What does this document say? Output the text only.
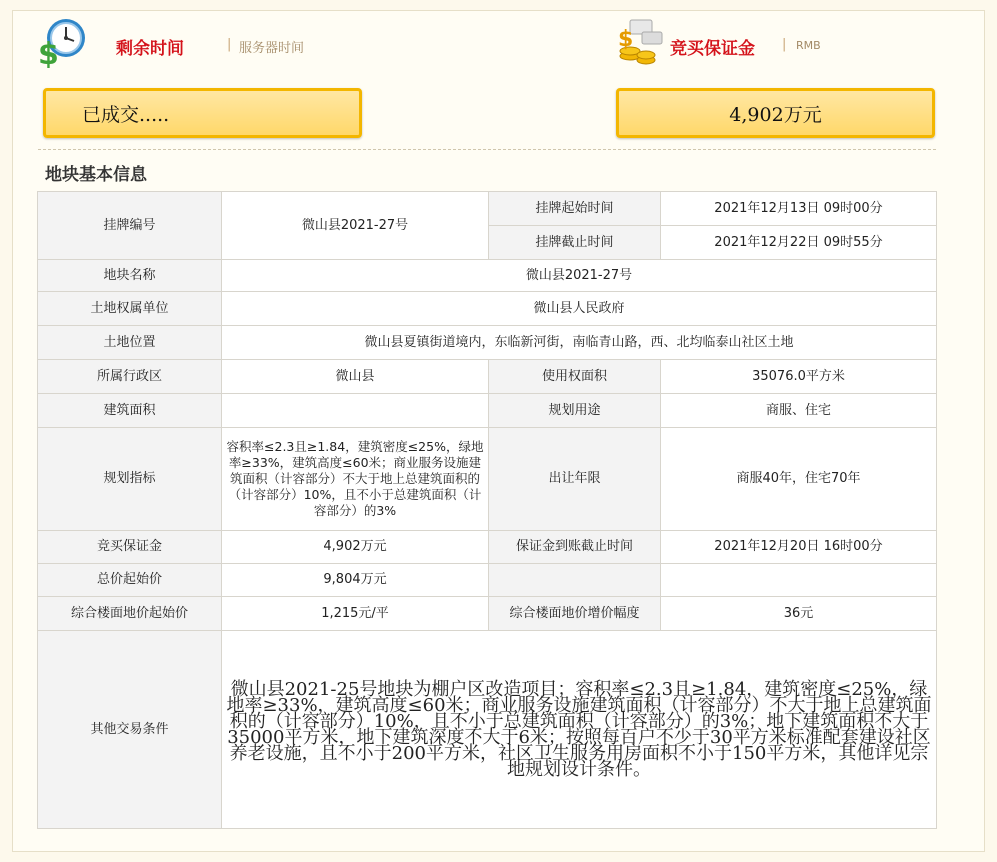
$	剩余时间	| 服务器时间	$ 竞买保证金 | RMB
已成交.....	4,902万元
地块基本信息
挂牌编号	微山县2021-27号	挂牌起始时间	2021年12月13日 09时00分
		挂牌截止时间	2021年12月22日 09时55分
地块名称	微山县2021-27号		
土地权属单位	微山县人民政府		
土地位置	微山县夏镇街道境内，东临新河街，南临青山路，西、北均临泰山社区土地		
所属行政区	微山县	使用权面积	35076.0平方米
建筑面积		规划用途	商服、住宅
规划指标	容积率≤2.3且≥1.84，建筑密度≤25%，绿地率≥33%，建筑高度≤60米；商业服务设施建筑面积（计容部分）不大于地上总建筑面积的（计容部分）10%，且不小于总建筑面积（计容部分）的3%	出让年限	商服40年，住宅70年
竞买保证金	4,902万元	保证金到账截止时间	2021年12月20日 16时00分
总价起始价	9,804万元		
综合楼面地价起始价	1,215元/平	综合楼面地价增价幅度	36元
其他交易条件	微山县2021-25号地块为棚户区改造项目；容积率≤2.3且≥1.84，建筑密度≤25%，绿地率≥33%，建筑高度≤60米；商业服务设施建筑面积（计容部分）不大于地上总建筑面积的（计容部分）10%，且不小于总建筑面积（计容部分）的3%；地下建筑面积不大于35000平方米，地下建筑深度不大于6米；按照每百户不少于30平方米标准配套建设社区养老设施，且不小于200平方米，社区卫生服务用房面积不小于150平方米，其他详见宗地规划设计条件。		
